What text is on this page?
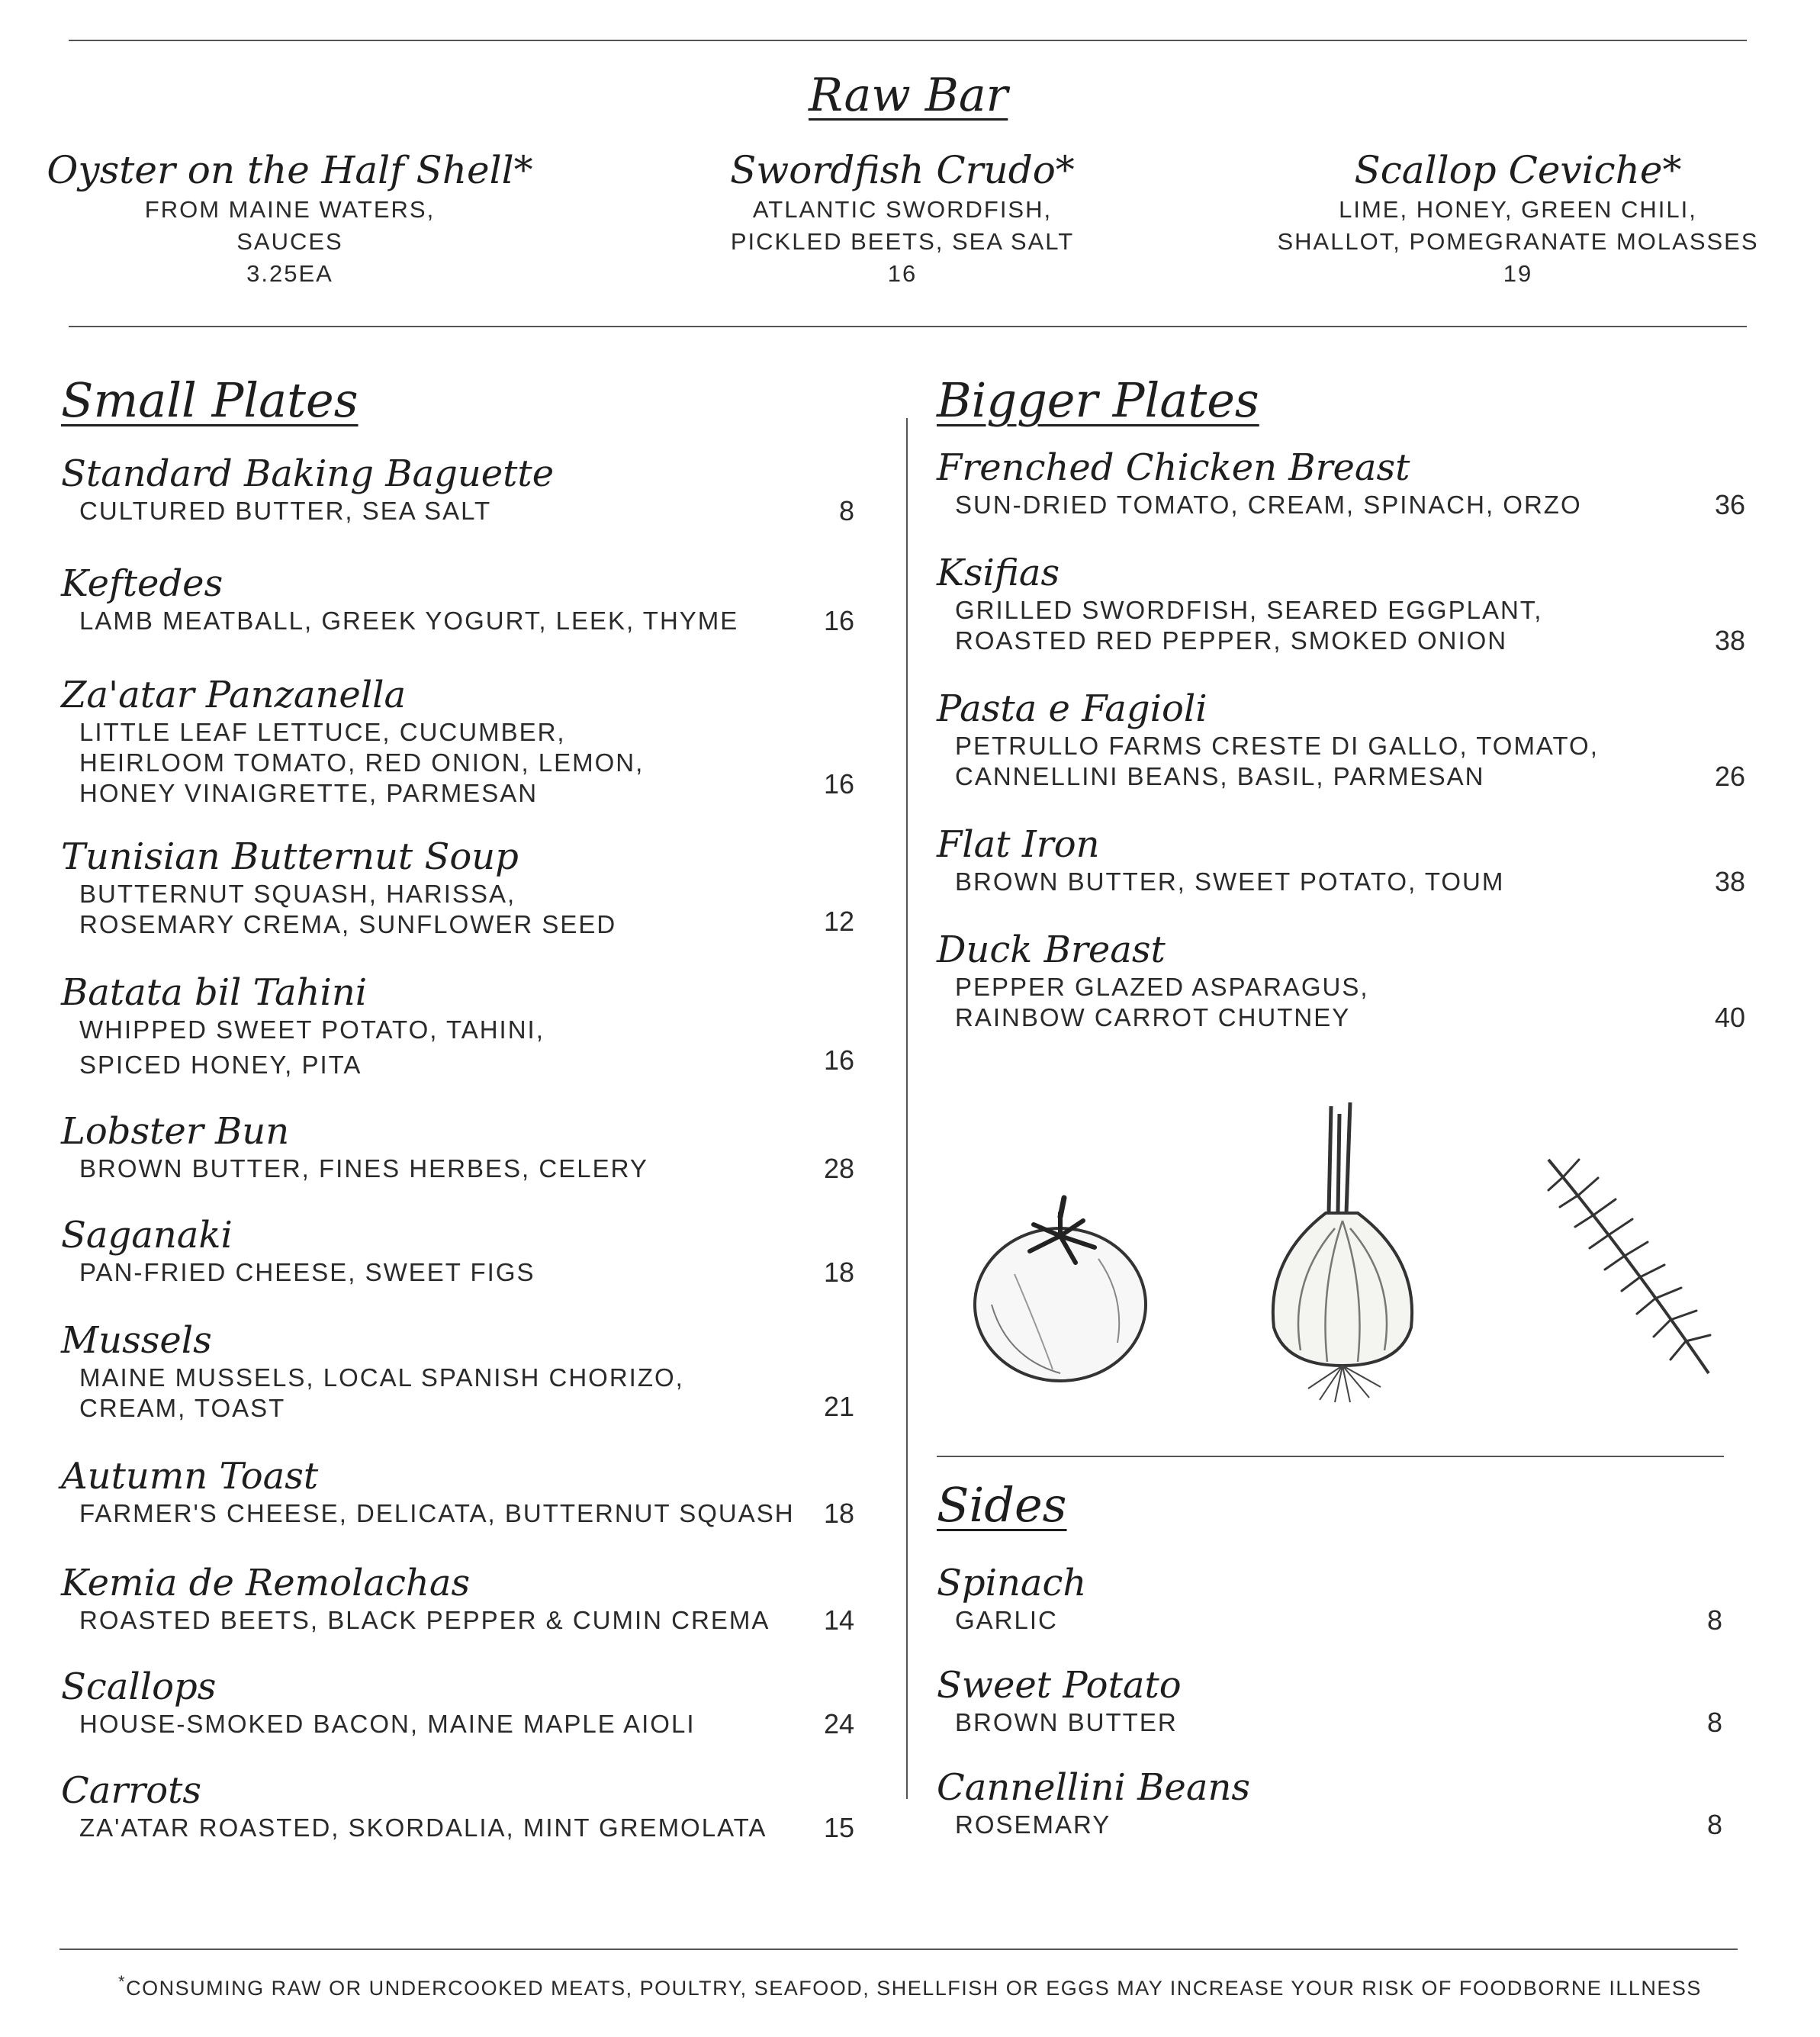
Raw Bar
Oyster on the Half Shell*
FROM MAINE WATERS,
SAUCES
3.25EA
Swordfish Crudo*
ATLANTIC SWORDFISH,
PICKLED BEETS, SEA SALT
16
Scallop Ceviche*
LIME, HONEY, GREEN CHILI,
SHALLOT, POMEGRANATE MOLASSES
19
Small Plates
Standard Baking Baguette
CULTURED BUTTER, SEA SALT	8
Keftedes
LAMB MEATBALL, GREEK YOGURT, LEEK, THYME	16
Za'atar Panzanella
LITTLE LEAF LETTUCE, CUCUMBER,
HEIRLOOM TOMATO, RED ONION, LEMON,
HONEY VINAIGRETTE, PARMESAN	16
Tunisian Butternut Soup
BUTTERNUT SQUASH, HARISSA,
ROSEMARY CREMA, SUNFLOWER SEED	12
Batata bil Tahini
WHIPPED SWEET POTATO, TAHINI,
SPICED HONEY, PITA	16
Lobster Bun
BROWN BUTTER, FINES HERBES, CELERY	28
Saganaki
PAN-FRIED CHEESE, SWEET FIGS	18
Mussels
MAINE MUSSELS, LOCAL SPANISH CHORIZO,
CREAM, TOAST	21
Autumn Toast
FARMER'S CHEESE, DELICATA, BUTTERNUT SQUASH	18
Kemia de Remolachas
ROASTED BEETS, BLACK PEPPER & CUMIN CREMA	14
Scallops
HOUSE-SMOKED BACON, MAINE MAPLE AIOLI	24
Carrots
ZA'ATAR ROASTED, SKORDALIA, MINT GREMOLATA	15
Bigger Plates
Frenched Chicken Breast
SUN-DRIED TOMATO, CREAM, SPINACH, ORZO	36
Ksifias
GRILLED SWORDFISH, SEARED EGGPLANT,
ROASTED RED PEPPER, SMOKED ONION	38
Pasta e Fagioli
PETRULLO FARMS CRESTE DI GALLO, TOMATO,
CANNELLINI BEANS, BASIL, PARMESAN	26
Flat Iron
BROWN BUTTER, SWEET POTATO, TOUM	38
Duck Breast
PEPPER GLAZED ASPARAGUS,
RAINBOW CARROT CHUTNEY	40
Sides
Spinach
GARLIC	8
Sweet Potato
BROWN BUTTER	8
Cannellini Beans
ROSEMARY	8
*CONSUMING RAW OR UNDERCOOKED MEATS, POULTRY, SEAFOOD, SHELLFISH OR EGGS MAY INCREASE YOUR RISK OF FOODBORNE ILLNESS
